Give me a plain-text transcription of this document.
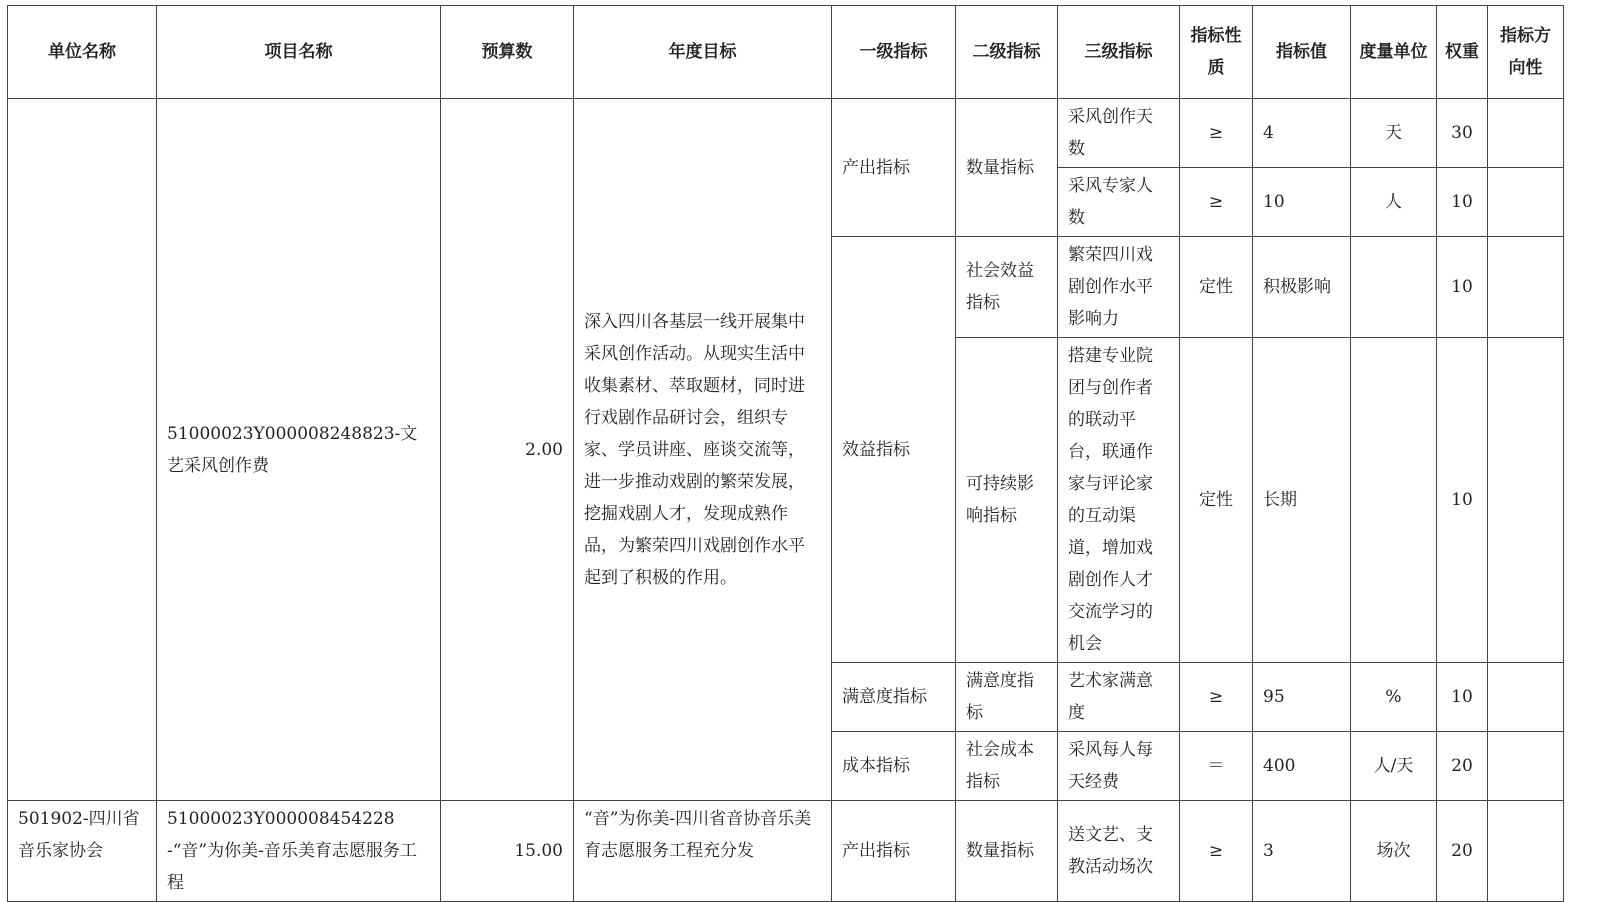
单位名称	项目名称	预算数	年度目标	一级指标	二级指标	三级指标	指标性质	指标值	度量单位	权重	指标方向性
	51000023Y000008248823-文艺采风创作费	2.00	深入四川各基层一线开展集中采风创作活动。从现实生活中收集素材、萃取题材，同时进行戏剧作品研讨会，组织专家、学员讲座、座谈交流等，进一步推动戏剧的繁荣发展，挖掘戏剧人才，发现成熟作品，为繁荣四川戏剧创作水平起到了积极的作用。	产出指标	数量指标	采风创作天数	≥	4	天	30	
						采风专家人数	≥	10	人	10	
				效益指标	社会效益指标	繁荣四川戏剧创作水平影响力	定性	积极影响		10	
					可持续影响指标	搭建专业院团与创作者的联动平台，联通作家与评论家的互动渠道，增加戏剧创作人才交流学习的机会	定性	长期		10	
				满意度指标	满意度指标	艺术家满意度	≥	95	%	10	
				成本指标	社会成本指标	采风每人每天经费	＝	400	人/天	20	
501902-四川省音乐家协会	51000023Y000008454228-“音”为你美-音乐美育志愿服务工程	15.00	“音”为你美-四川省音协音乐美育志愿服务工程充分发	产出指标	数量指标	送文艺、支教活动场次	≥	3	场次	20	
